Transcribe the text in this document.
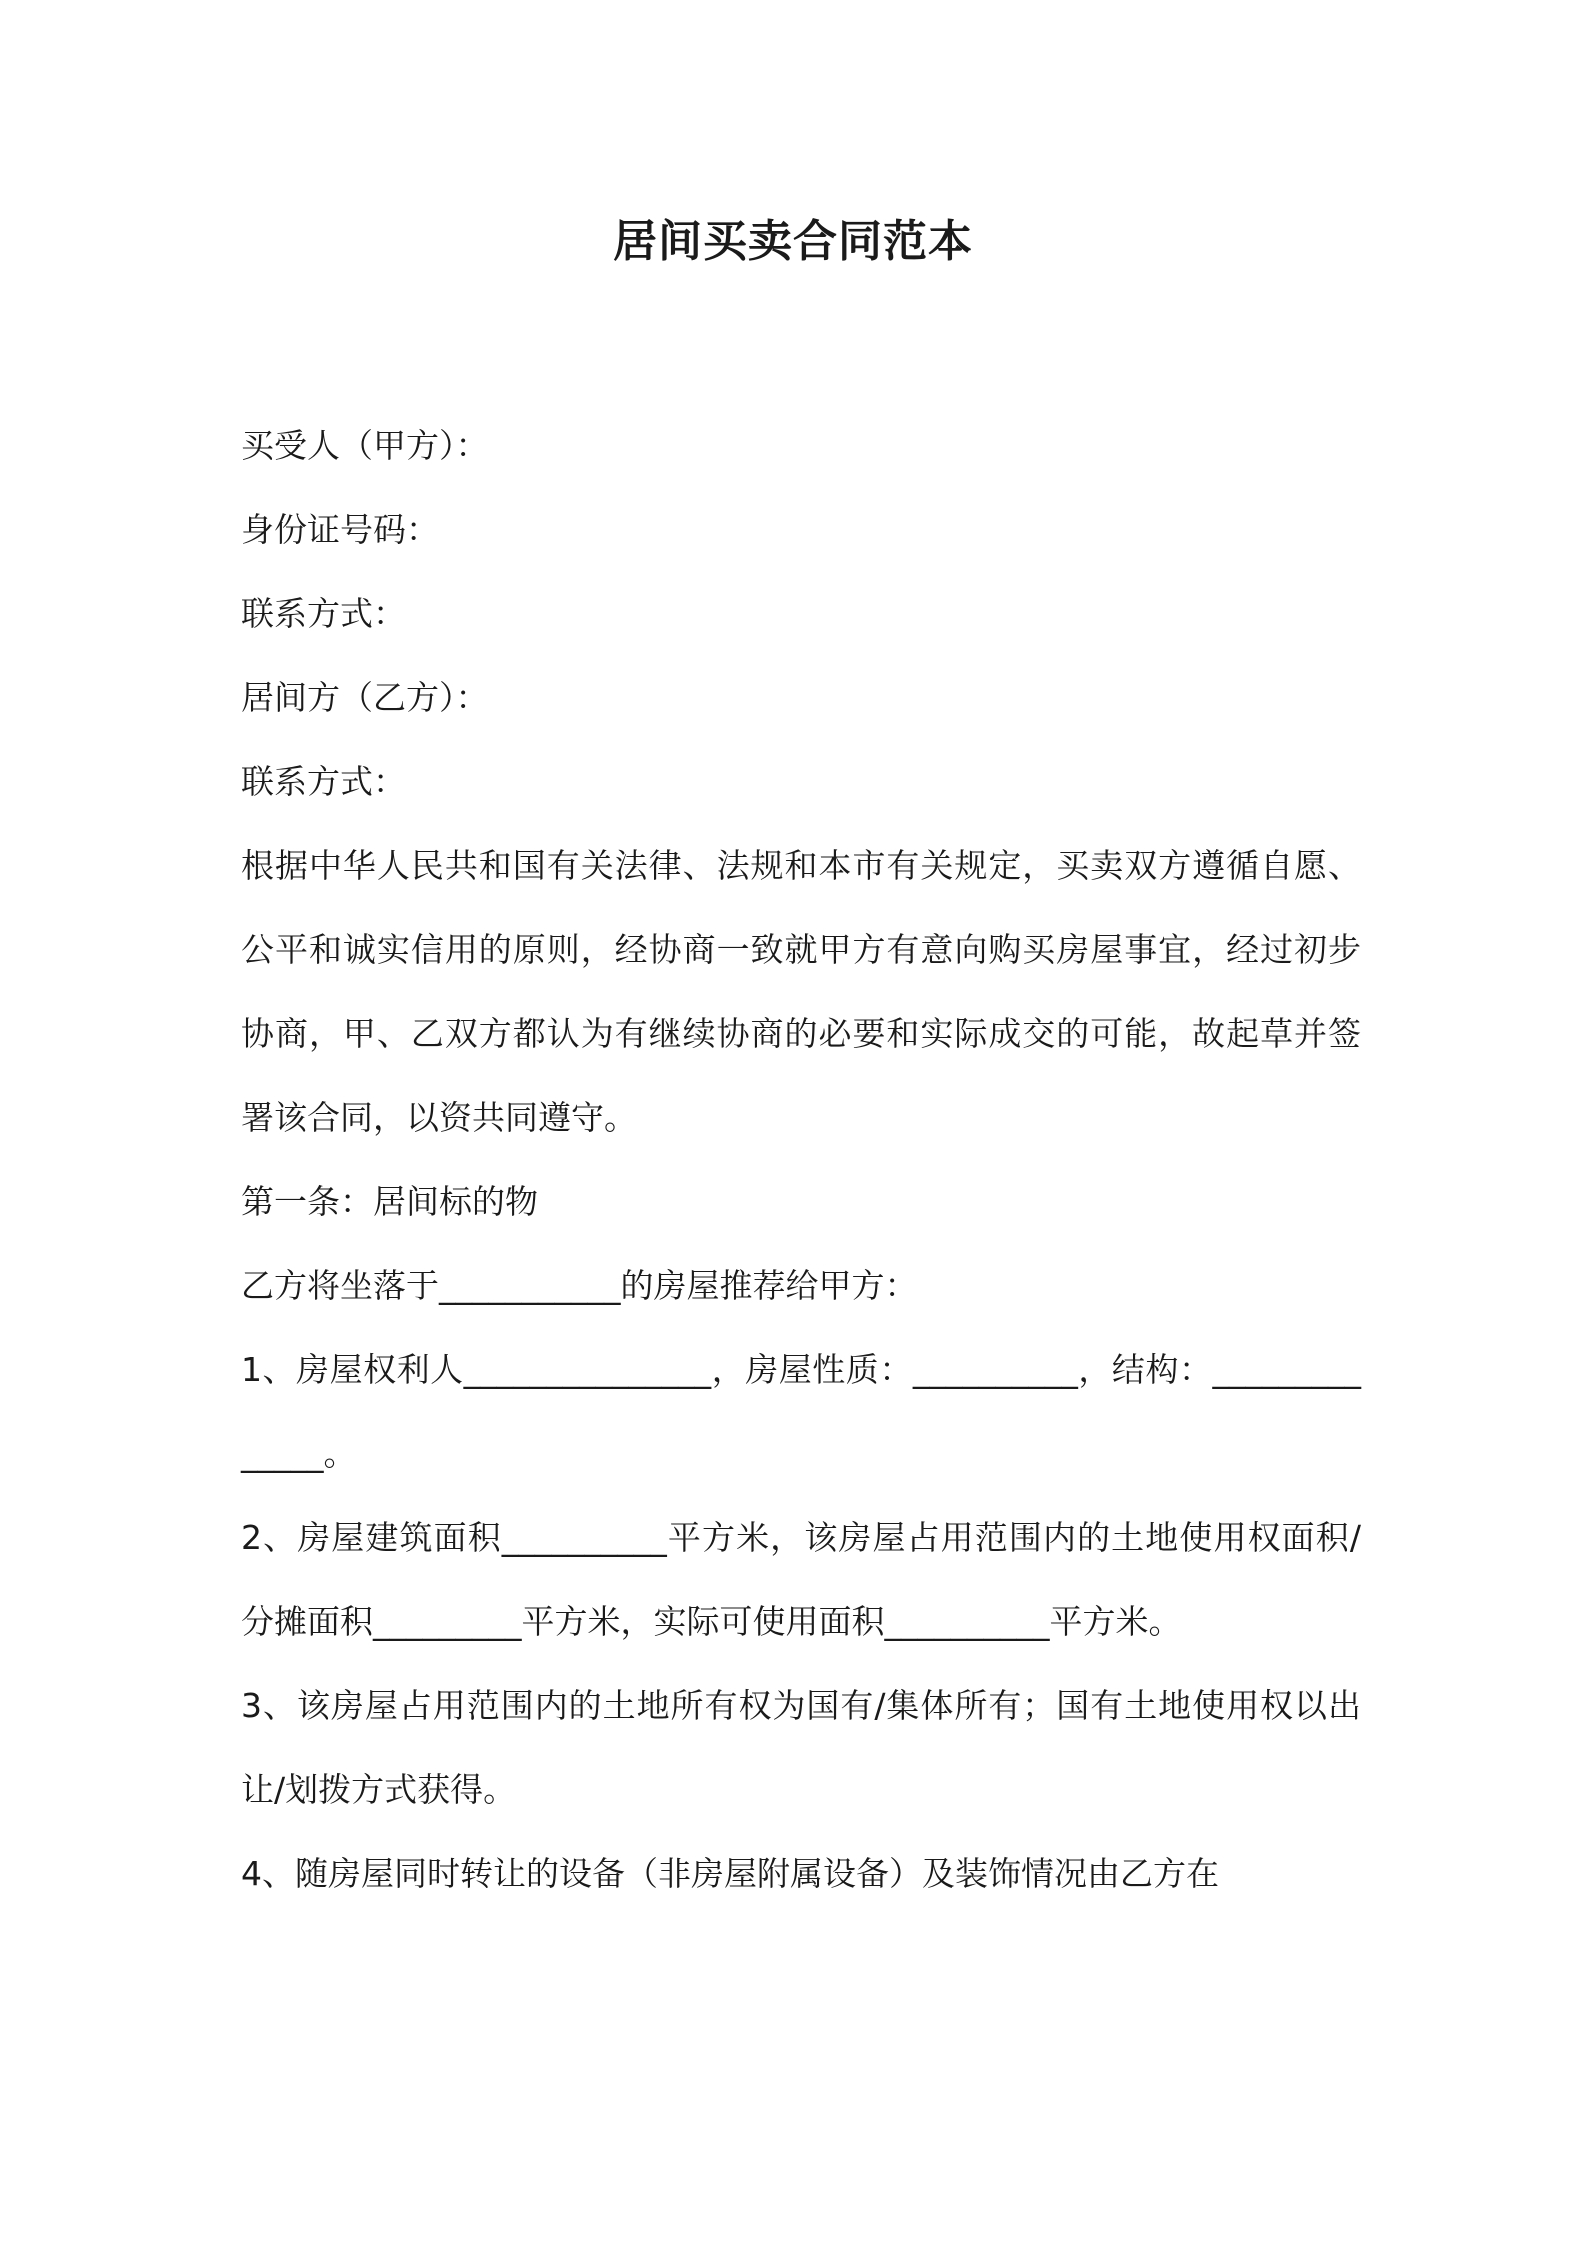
居间买卖合同范本

买受人（甲方）：

身份证号码：

联系方式：

居间方（乙方）：

联系方式：

根据中华人民共和国有关法律、法规和本市有关规定，买卖双方遵循自愿、公平和诚实信用的原则，经协商一致就甲方有意向购买房屋事宜，经过初步协商，甲、乙双方都认为有继续协商的必要和实际成交的可能，故起草并签署该合同，以资共同遵守。

第一条：居间标的物

乙方将坐落于___________的房屋推荐给甲方：

1、房屋权利人_______________，房屋性质：__________，结构：______________。

2、房屋建筑面积__________平方米，该房屋占用范围内的土地使用权面积/分摊面积_________平方米，实际可使用面积__________平方米。

3、该房屋占用范围内的土地所有权为国有/集体所有；国有土地使用权以出让/划拨方式获得。

4、随房屋同时转让的设备（非房屋附属设备）及装饰情况由乙方在
